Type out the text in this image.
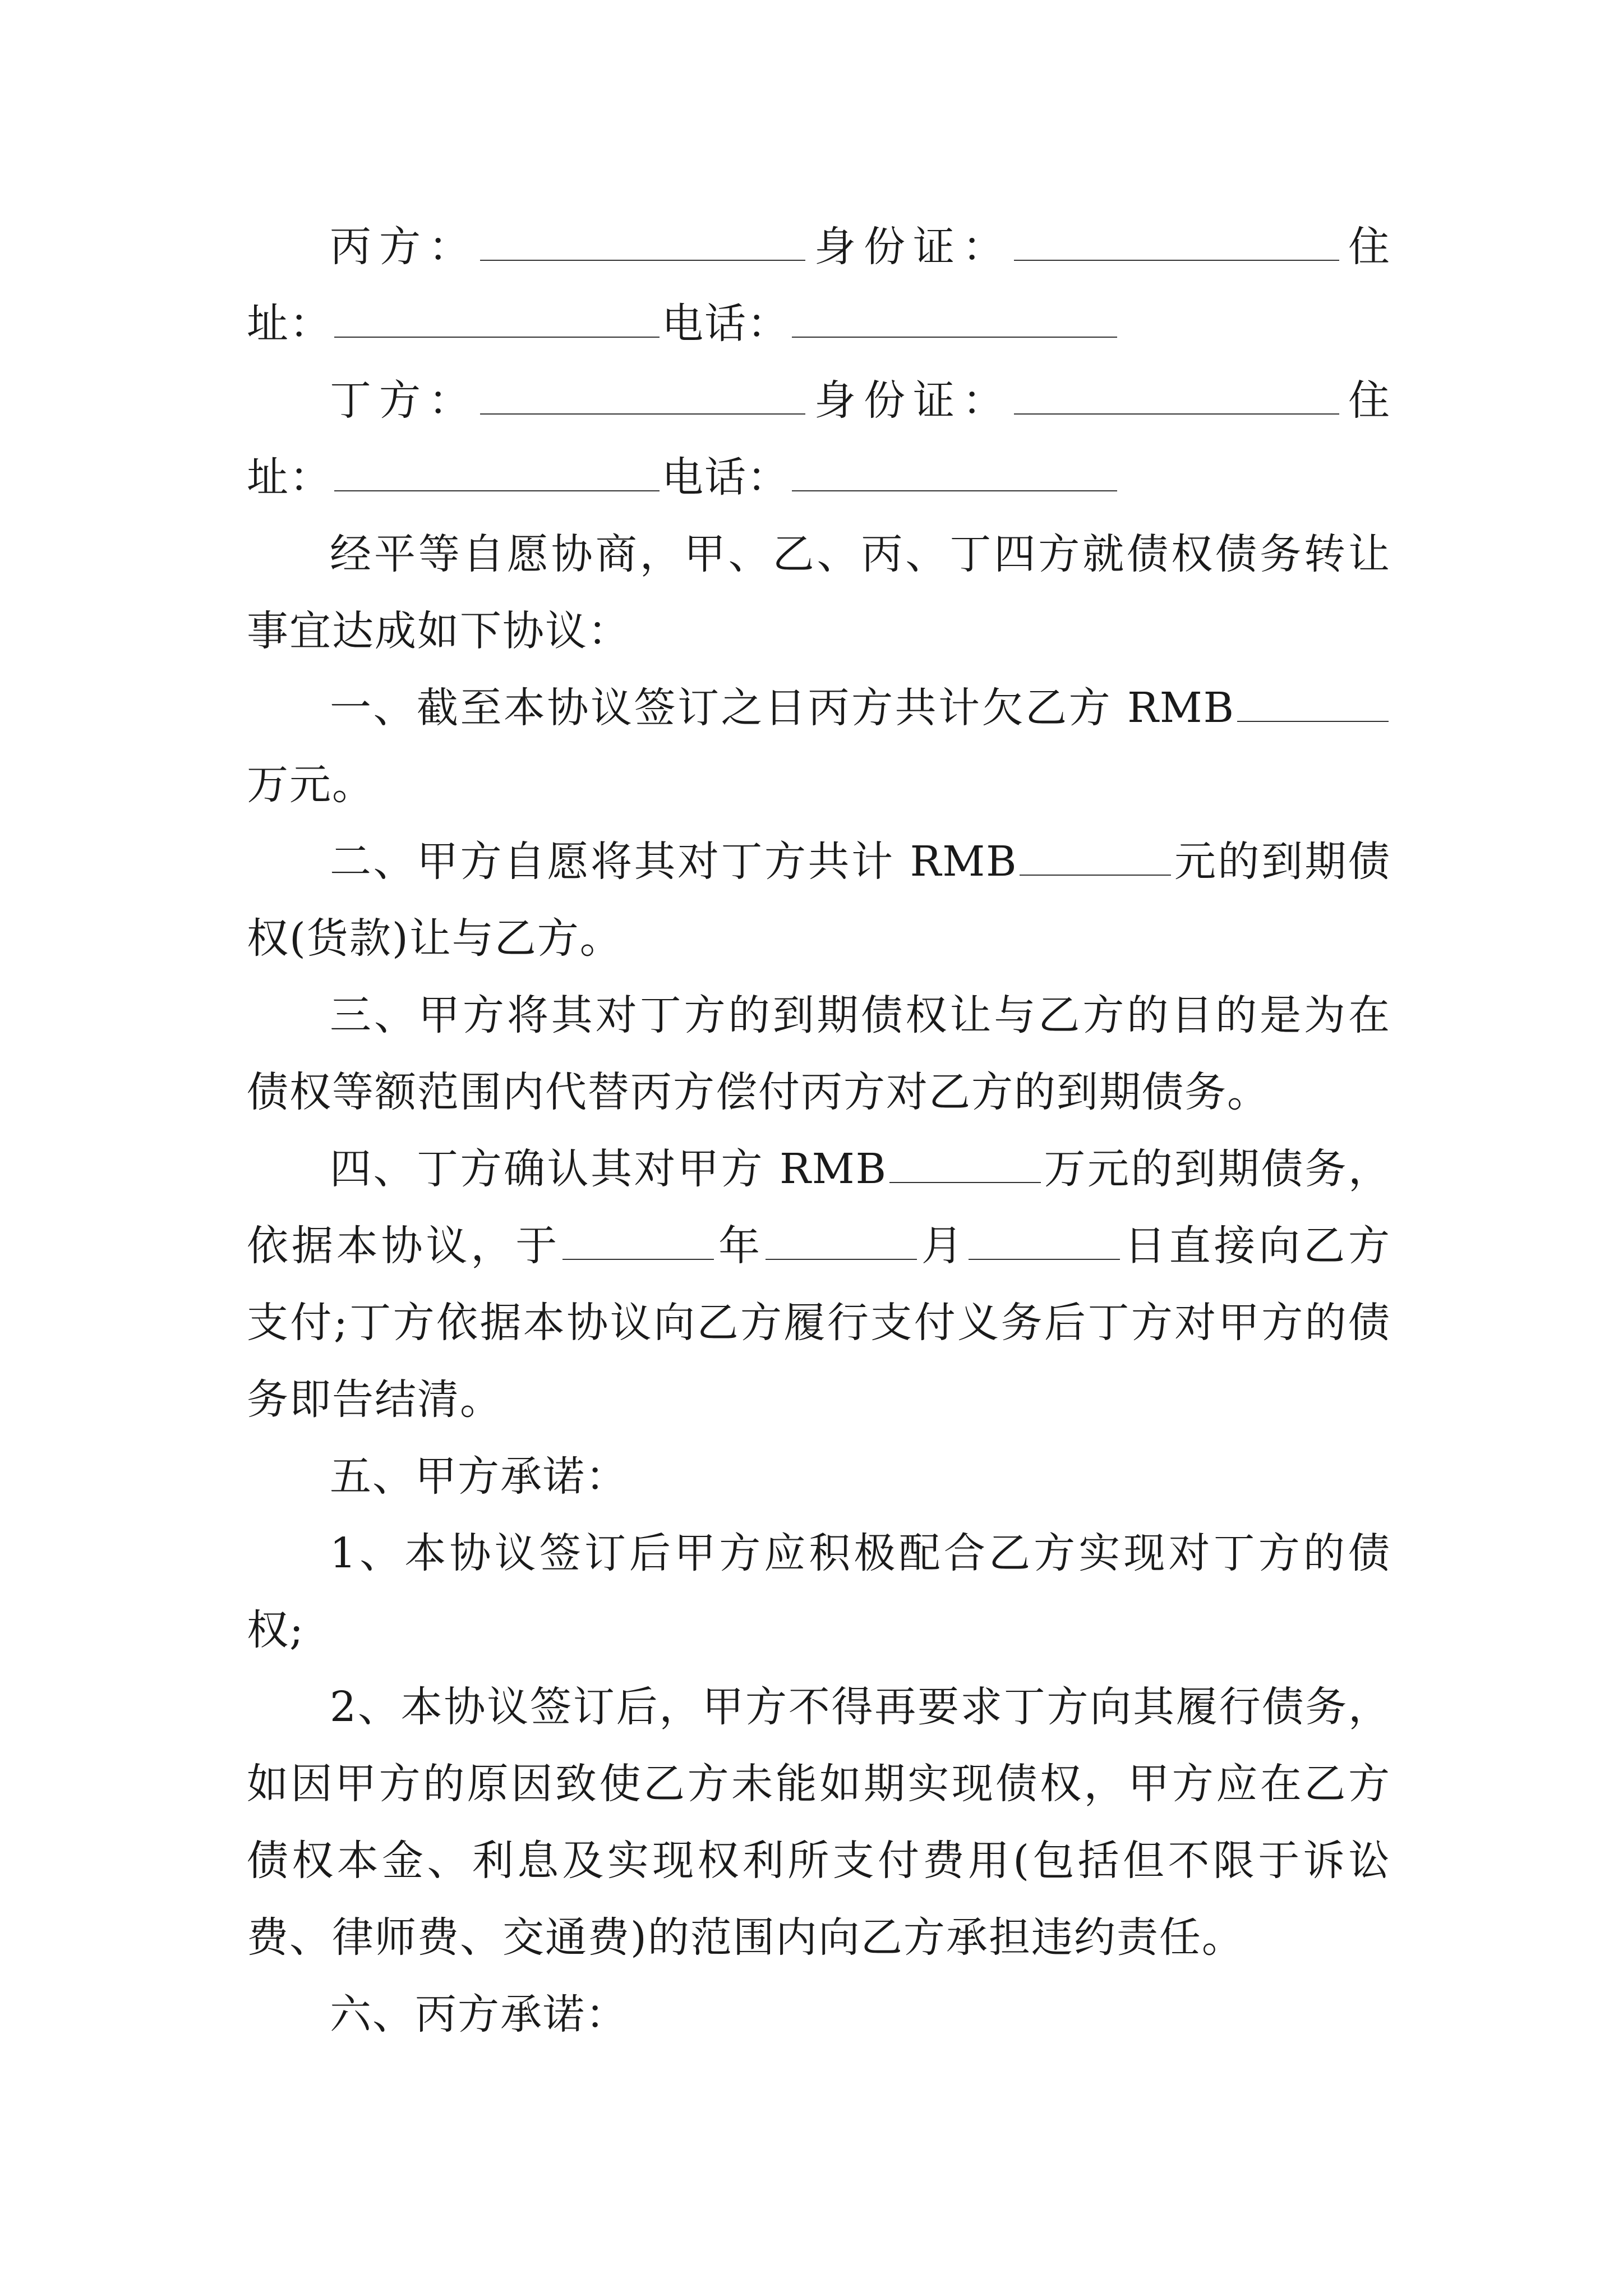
丙方：	身份证：	住址：	电话：

丁方：	身份证：	住址：	电话：

经平等自愿协商，甲、乙、丙、丁四方就债权债务转让事宜达成如下协议：

一、截至本协议签订之日丙方共计欠乙方 RMB万元。

二、甲方自愿将其对丁方共计 RMB	元的到期债权(货款)让与乙方。

三、甲方将其对丁方的到期债权让与乙方的目的是为在债权等额范围内代替丙方偿付丙方对乙方的到期债务。

四、丁方确认其对甲方 RMB	万元的到期债务，依据本协议，于	年	月	日直接向乙方支付;丁方依据本协议向乙方履行支付义务后丁方对甲方的债务即告结清。

五、甲方承诺：

1、本协议签订后甲方应积极配合乙方实现对丁方的债权;

2、本协议签订后，甲方不得再要求丁方向其履行债务，如因甲方的原因致使乙方未能如期实现债权，甲方应在乙方债权本金、利息及实现权利所支付费用(包括但不限于诉讼费、律师费、交通费)的范围内向乙方承担违约责任。

六、丙方承诺：
